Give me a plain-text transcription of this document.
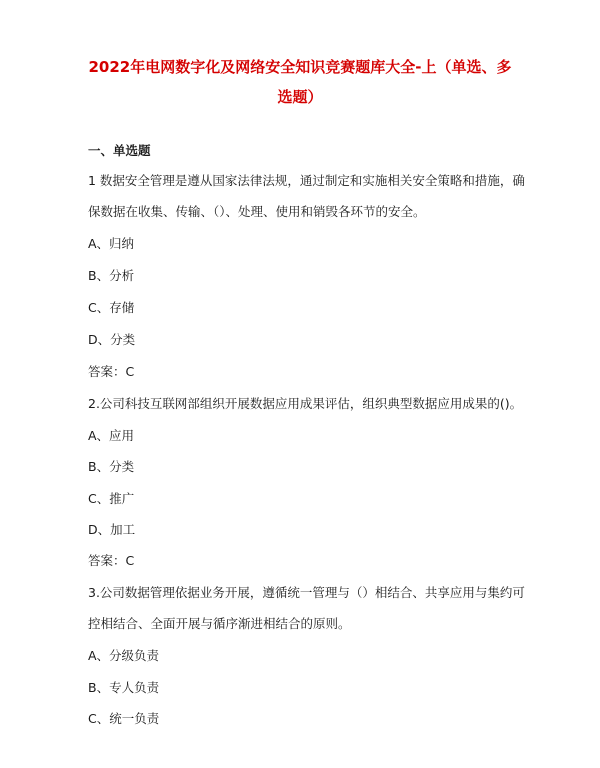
2022年电网数字化及网络安全知识竞赛题库大全-上（单选、多
选题）
一、单选题
1 数据安全管理是遵从国家法律法规，通过制定和实施相关安全策略和措施，确
保数据在收集、传输、（）、处理、使用和销毁各环节的安全。
A、归纳
B、分析
C、存储
D、分类
答案：C
2.公司科技互联网部组织开展数据应用成果评估，组织典型数据应用成果的()。
A、应用
B、分类
C、推广
D、加工
答案：C
3.公司数据管理依据业务开展，遵循统一管理与（）相结合、共享应用与集约可
控相结合、全面开展与循序渐进相结合的原则。
A、分级负责
B、专人负责
C、统一负责
